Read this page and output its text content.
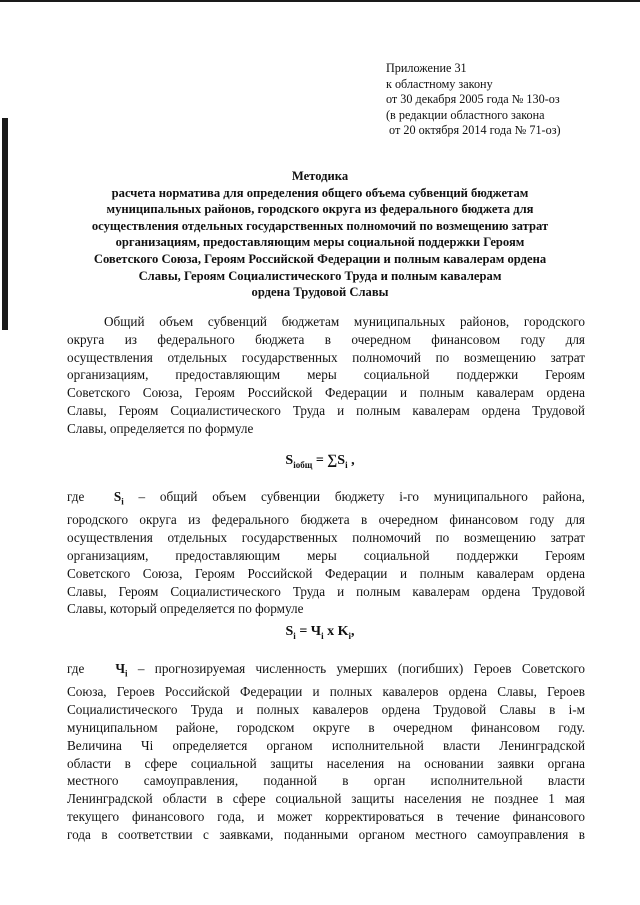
Приложение 31
к областному закону
от 30 декабря 2005 года № 130-оз
(в редакции областного закона
от 20 октября 2014 года № 71-оз)
Методика
расчета норматива для определения общего объема субвенций бюджетам
муниципальных районов, городского округа из федерального бюджета для
осуществления отдельных государственных полномочий по возмещению затрат
организациям, предоставляющим меры социальной поддержки Героям
Советского Союза, Героям Российской Федерации и полным кавалерам ордена
Славы, Героям Социалистического Труда и полным кавалерам
ордена Трудовой Славы
Общий объем субвенций бюджетам муниципальных районов, городского
округа из федерального бюджета в очередном финансовом году для
осуществления отдельных государственных полномочий по возмещению затрат
организациям, предоставляющим меры социальной поддержки Героям
Советского Союза, Героям Российской Федерации и полным кавалерам ордена
Славы, Героям Социалистического Труда и полным кавалерам ордена Трудовой
Славы, определяется по формуле
$S_{iобщ} = \sum S_i$ ,
где  $S_i$ – общий объем субвенции бюджету i-го муниципального района,
городского округа из федерального бюджета в очередном финансовом году для
осуществления отдельных государственных полномочий по возмещению затрат
организациям, предоставляющим меры социальной поддержки Героям
Советского Союза, Героям Российской Федерации и полным кавалерам ордена
Славы, Героям Социалистического Труда и полным кавалерам ордена Трудовой
Славы, который определяется по формуле
$S_i = Ч_i$ x $K_i$,
где   $Ч_i$ – прогнозируемая численность умерших (погибших) Героев Советского
Союза, Героев Российской Федерации и полных кавалеров ордена Славы, Героев
Социалистического Труда и полных кавалеров ордена Трудовой Славы в i-м
муниципальном районе, городском округе в очередном финансовом году.
Величина Чi определяется органом исполнительной власти Ленинградской
области в сфере социальной защиты населения на основании заявки органа
местного самоуправления, поданной в орган исполнительной власти
Ленинградской области в сфере социальной защиты населения не позднее 1 мая
текущего финансового года, и может корректироваться в течение финансового
года в соответствии с заявками, поданными органом местного самоуправления в
